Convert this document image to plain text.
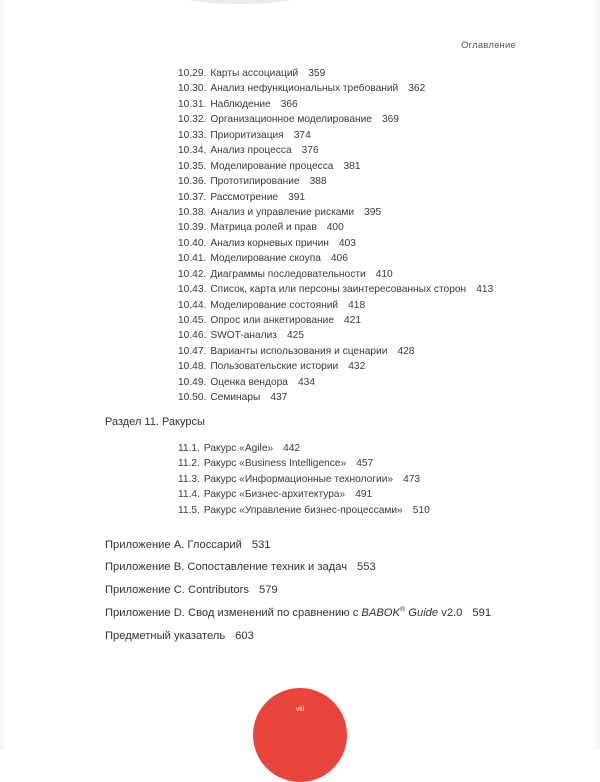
Оглавление
10.29. Карты ассоциаций 359
10.30. Анализ нефункциональных требований 362
10.31. Наблюдение 366
10.32. Организационное моделирование 369
10.33. Приоритизация 374
10.34. Анализ процесса 376
10.35. Моделирование процесса 381
10.36. Прототипирование 388
10.37. Рассмотрение 391
10.38. Анализ и управление рисками 395
10.39. Матрица ролей и прав 400
10.40. Анализ корневых причин 403
10.41. Моделирование скоупа 406
10.42. Диаграммы последовательности 410
10.43. Список, карта или персоны заинтересованных сторон 413
10.44. Моделирование состояний 418
10.45. Опрос или анкетирование 421
10.46. SWOT-анализ 425
10.47. Варианты использования и сценарии 428
10.48. Пользовательские истории 432
10.49. Оценка вендора 434
10.50. Семинары 437
Раздел 11. Ракурсы
11.1. Ракурс «Agile» 442
11.2. Ракурс «Business Intelligence» 457
11.3. Ракурс «Информационные технологии» 473
11.4. Ракурс «Бизнес-архитектура» 491
11.5. Ракурс «Управление бизнес-процессами» 510
Приложение A. Глоссарий 531
Приложение B. Сопоставление техник и задач 553
Приложение C. Contributors 579
Приложение D. Свод изменений по сравнению с BABOK® Guide v2.0 591
Предметный указатель 603
viii
